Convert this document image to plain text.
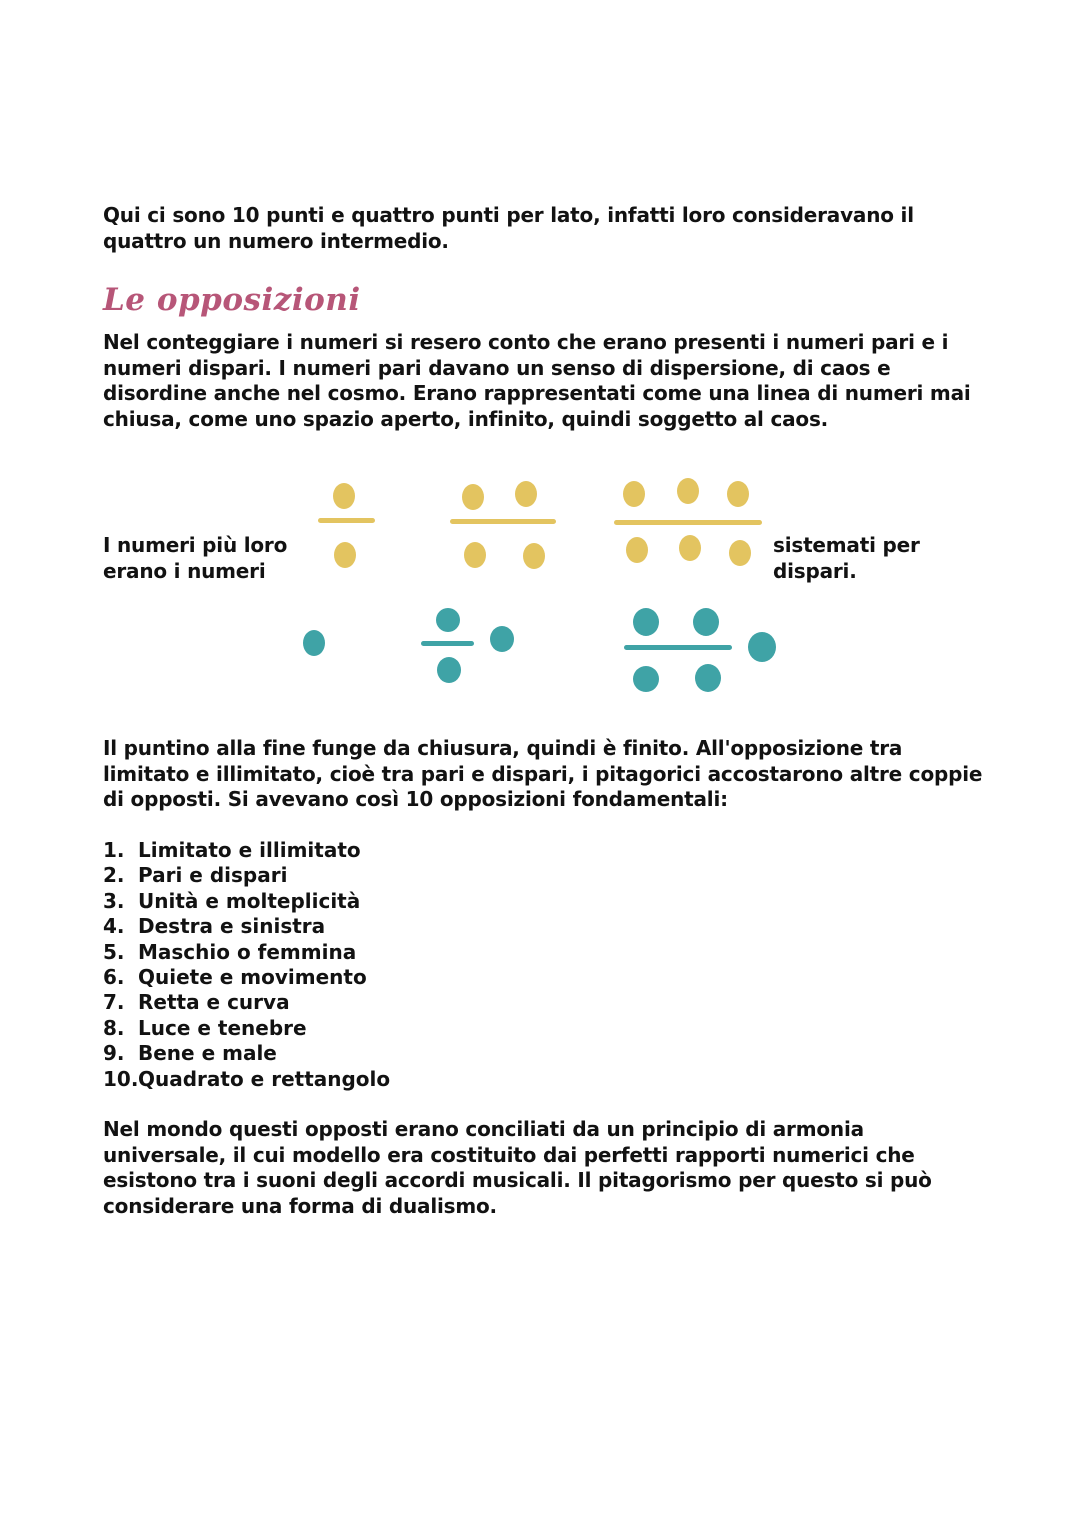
Qui ci sono 10 punti e quattro punti per lato, infatti loro consideravano il quattro un numero intermedio.
Le opposizioni
Nel conteggiare i numeri si resero conto che erano presenti i numeri pari e i numeri dispari. I numeri pari davano un senso di dispersione, di caos e disordine anche nel cosmo. Erano rappresentati come una linea di numeri mai chiusa, come uno spazio aperto, infinito, quindi soggetto al caos.
I numeri più loro erano i numeri
sistemati per dispari.
Il puntino alla fine funge da chiusura, quindi è finito. All'opposizione tra limitato e illimitato, cioè tra pari e dispari, i pitagorici accostarono altre coppie di opposti. Si avevano così 10 opposizioni fondamentali:
1. Limitato e illimitato
2. Pari e dispari
3. Unità e molteplicità
4. Destra e sinistra
5. Maschio o femmina
6. Quiete e movimento
7. Retta e curva
8. Luce e tenebre
9. Bene e male
10. Quadrato e rettangolo
Nel mondo questi opposti erano conciliati da un principio di armonia universale, il cui modello era costituito dai perfetti rapporti numerici che esistono tra i suoni degli accordi musicali. Il pitagorismo per questo si può considerare una forma di dualismo.
